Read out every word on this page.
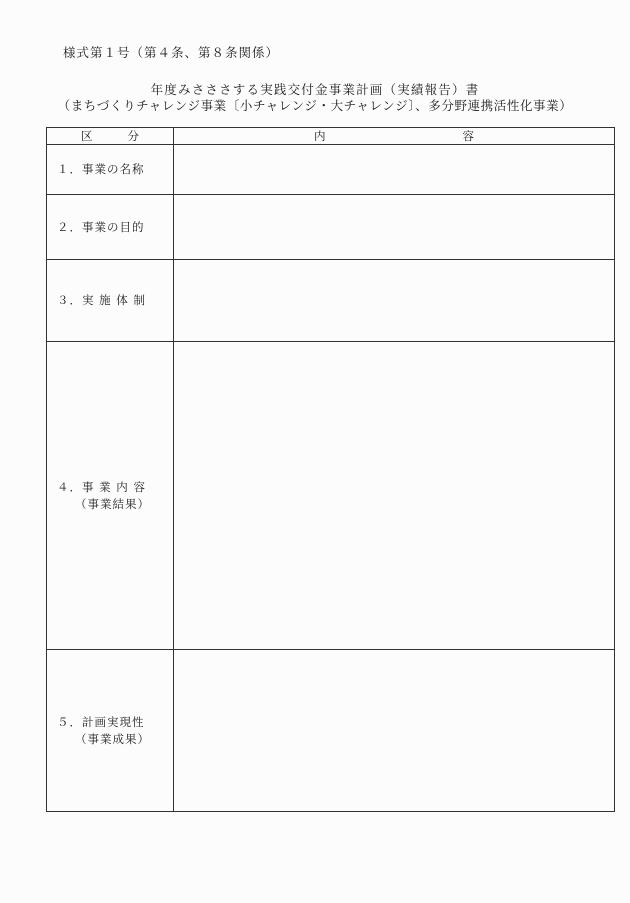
様式第１号（第４条、第８条関係）
年度みさささする実践交付金事業計画（実績報告）書
（まちづくりチャレンジ事業〔小チャレンジ・大チャレンジ〕、多分野連携活性化事業）
区 分	内 容

１．事業の名称	
２．事業の目的	
３．実 施 体 制	
４．事 業 内 容
（事業結果）	

５．計画実現性
（事業成果）	
